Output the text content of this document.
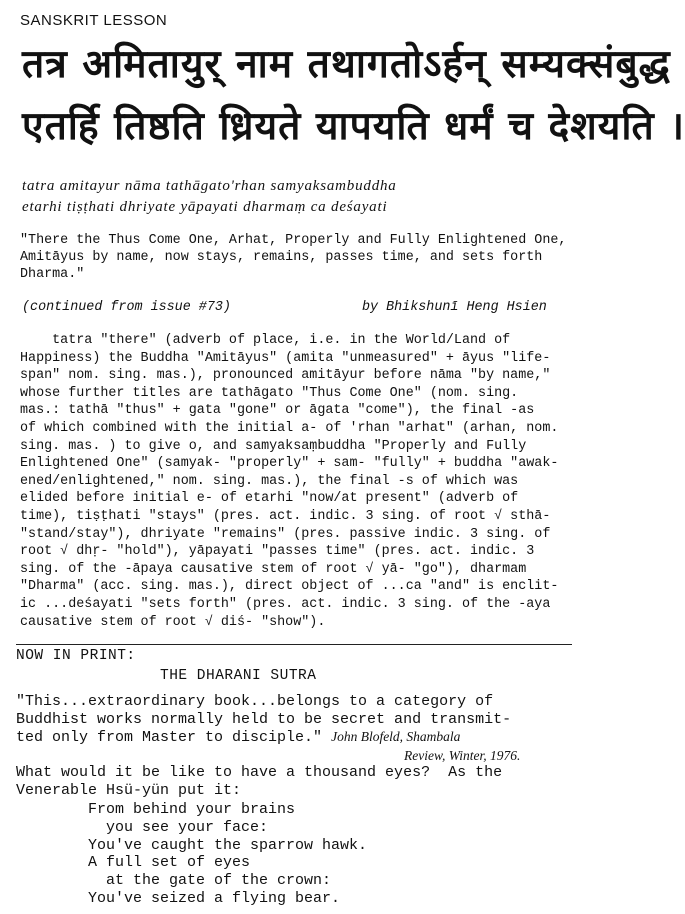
SANSKRIT LESSON
तत्र अमितायुर् नाम तथागतोऽर्हन् सम्यक्संबुद्ध
एतर्हि तिष्ठति ध्रियते यापयति धर्मं च देशयति ।
tatra amitayur nāma tathāgato'rhan samyaksambuddha
etarhi tiṣṭhati dhriyate yāpayati dharmaṃ ca deśayati
"There the Thus Come One, Arhat, Properly and Fully Enlightened One, Amitāyus by name, now stays, remains, passes time, and sets forth Dharma."
(continued from issue #73)	by Bhikshunī Heng Hsien
tatra "there" (adverb of place, i.e. in the World/Land of
Happiness) the Buddha "Amitāyus" (amita "unmeasured" + āyus "life-
span" nom. sing. mas.), pronounced amitāyur before nāma "by name,"
whose further titles are tathāgato "Thus Come One" (nom. sing.
mas.: tathā "thus" + gata "gone" or āgata "come"), the final -as
of which combined with the initial a- of 'rhan "arhat" (arhan, nom.
sing. mas. ) to give o, and samyaksaṃbuddha "Properly and Fully
Enlightened One" (samyak- "properly" + sam- "fully" + buddha "awak-
ened/enlightened," nom. sing. mas.), the final -s of which was
elided before initial e- of etarhi "now/at present" (adverb of
time), tiṣṭhati "stays" (pres. act. indic. 3 sing. of root √ sthā-
"stand/stay"), dhriyate "remains" (pres. passive indic. 3 sing. of
root √ dhṛ- "hold"), yāpayati "passes time" (pres. act. indic. 3
sing. of the -āpaya causative stem of root √ yā- "go"), dharmam
"Dharma" (acc. sing. mas.), direct object of ...ca "and" is enclit-
ic ...deśayati "sets forth" (pres. act. indic. 3 sing. of the -aya
causative stem of root √ diś- "show").
NOW IN PRINT:
THE DHARANI SUTRA
"This...extraordinary book...belongs to a category of
Buddhist works normally held to be secret and transmit-
ted only from Master to disciple." John Blofeld, Shambala
Review, Winter, 1976.
What would it be like to have a thousand eyes?  As the
Venerable Hsü-yün put it:
From behind your brains
you see your face:
You've caught the sparrow hawk.
A full set of eyes
at the gate of the crown:
You've seized a flying bear.
